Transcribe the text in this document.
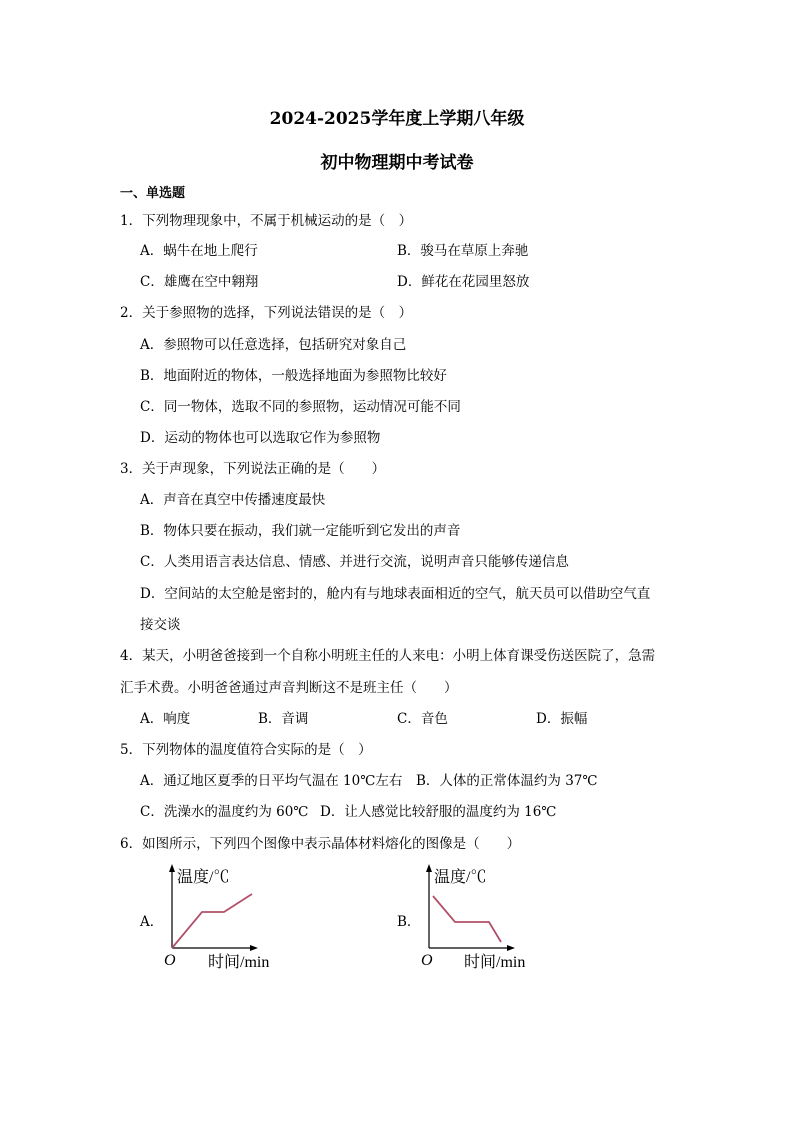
2024-2025学年度上学期八年级
初中物理期中考试卷
一、单选题
1．下列物理现象中，不属于机械运动的是（　）
A．蜗牛在地上爬行	B．骏马在草原上奔驰
C．雄鹰在空中翱翔	D．鲜花在花园里怒放
2．关于参照物的选择，下列说法错误的是（　）
A．参照物可以任意选择，包括研究对象自己
B．地面附近的物体，一般选择地面为参照物比较好
C．同一物体，选取不同的参照物，运动情况可能不同
D．运动的物体也可以选取它作为参照物
3．关于声现象，下列说法正确的是（　　）
A．声音在真空中传播速度最快
B．物体只要在振动，我们就一定能听到它发出的声音
C．人类用语言表达信息、情感、并进行交流，说明声音只能够传递信息
D．空间站的太空舱是密封的，舱内有与地球表面相近的空气，航天员可以借助空气直
接交谈
4．某天，小明爸爸接到一个自称小明班主任的人来电：小明上体育课受伤送医院了，急需
汇手术费。小明爸爸通过声音判断这不是班主任（　　）
A．响度	B．音调	C．音色	D．振幅
5．下列物体的温度值符合实际的是（　）
A．通辽地区夏季的日平均气温在 10℃左右 B．人体的正常体温约为 37℃
C．洗澡水的温度约为 60℃ D．让人感觉比较舒服的温度约为 16℃
6．如图所示，下列四个图像中表示晶体材料熔化的图像是（　　）
A．
温度/℃
时间/min
O
B．
温度/℃
时间/min
O
